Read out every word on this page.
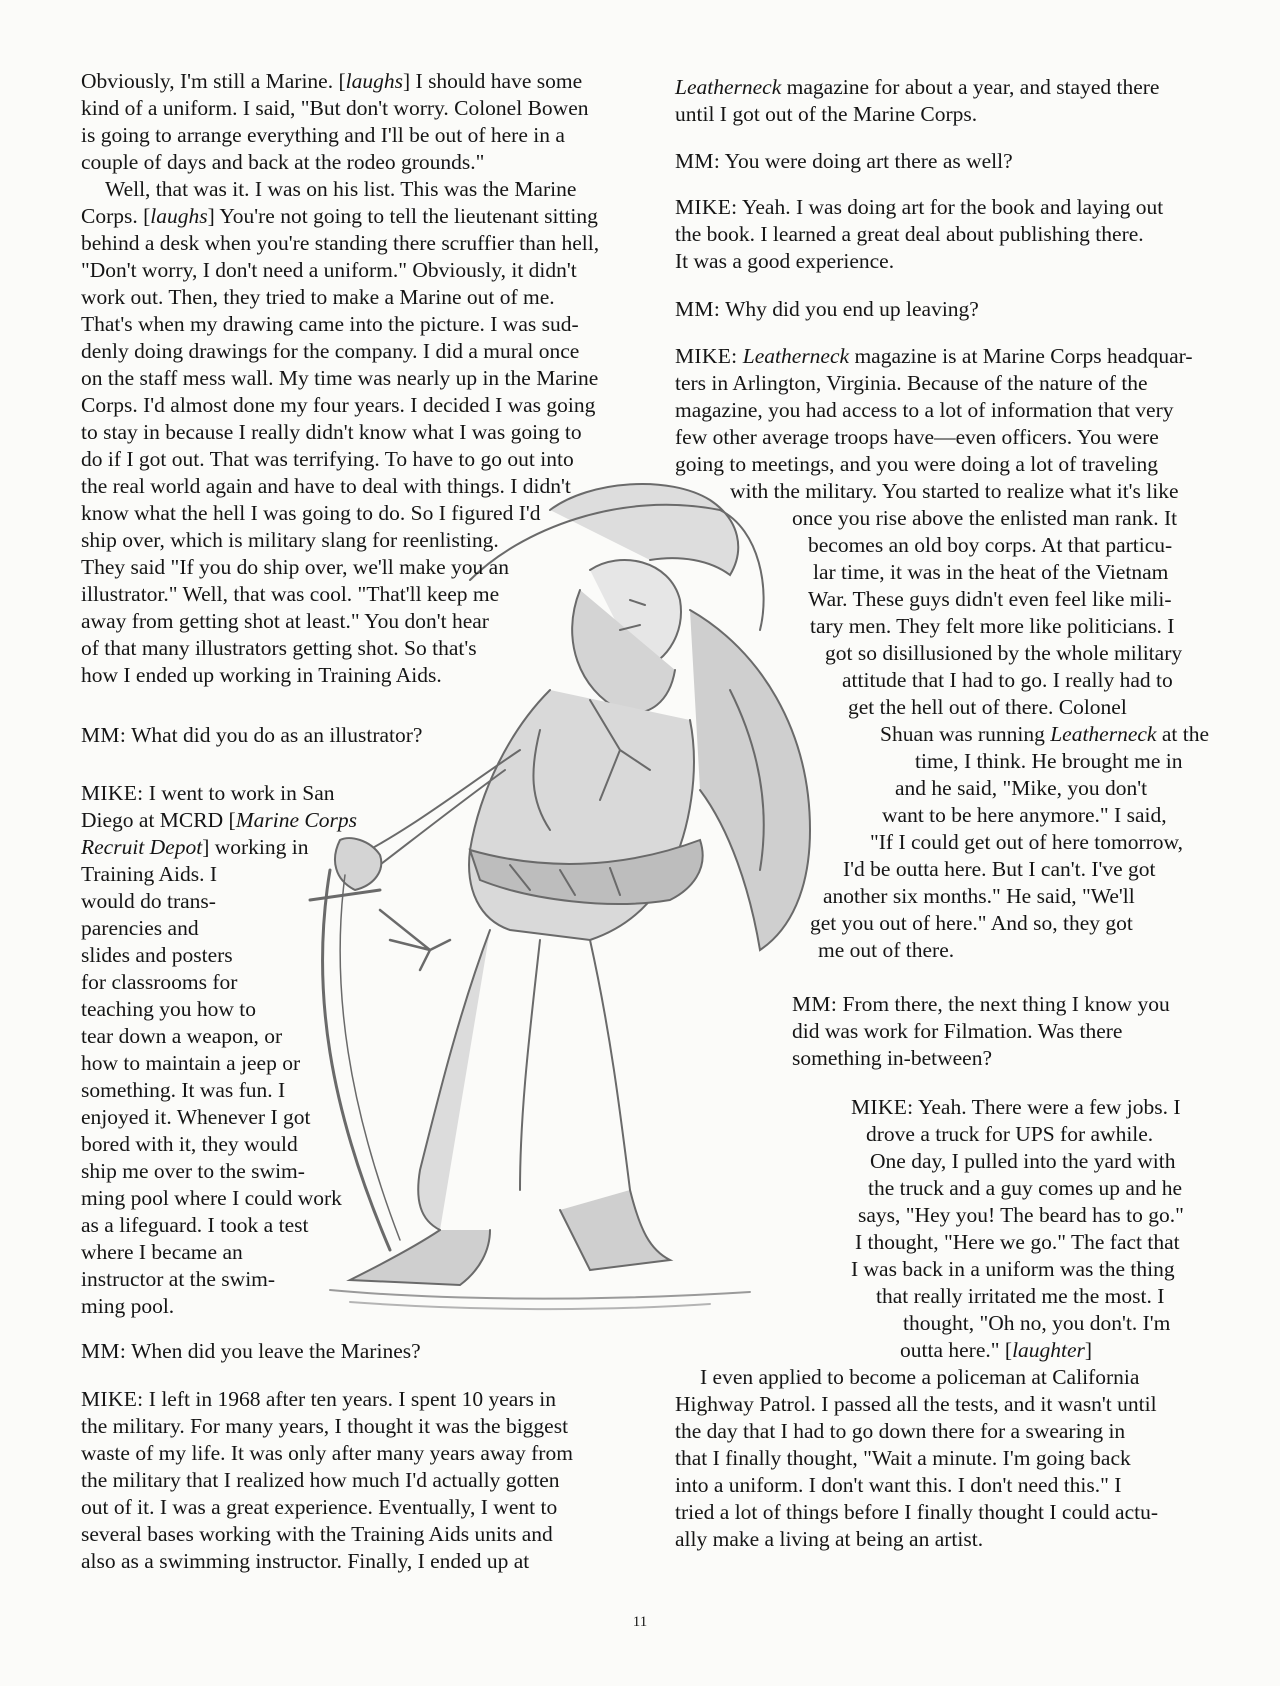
Obviously, I'm still a Marine. [laughs] I should have some
kind of a uniform. I said, "But don't worry. Colonel Bowen
is going to arrange everything and I'll be out of here in a
couple of days and back at the rodeo grounds."
Well, that was it. I was on his list. This was the Marine
Corps. [laughs] You're not going to tell the lieutenant sitting
behind a desk when you're standing there scruffier than hell,
"Don't worry, I don't need a uniform." Obviously, it didn't
work out. Then, they tried to make a Marine out of me.
That's when my drawing came into the picture. I was sud-
denly doing drawings for the company. I did a mural once
on the staff mess wall. My time was nearly up in the Marine
Corps. I'd almost done my four years. I decided I was going
to stay in because I really didn't know what I was going to
do if I got out. That was terrifying. To have to go out into
the real world again and have to deal with things. I didn't
know what the hell I was going to do. So I figured I'd
ship over, which is military slang for reenlisting.
They said "If you do ship over, we'll make you an
illustrator." Well, that was cool. "That'll keep me
away from getting shot at least." You don't hear
of that many illustrators getting shot. So that's
how I ended up working in Training Aids.
MM: What did you do as an illustrator?
MIKE: I went to work in San
Diego at MCRD [Marine Corps
Recruit Depot] working in
Training Aids. I
would do trans-
parencies and
slides and posters
for classrooms for
teaching you how to
tear down a weapon, or
how to maintain a jeep or
something. It was fun. I
enjoyed it. Whenever I got
bored with it, they would
ship me over to the swim-
ming pool where I could work
as a lifeguard. I took a test
where I became an
instructor at the swim-
ming pool.
MM: When did you leave the Marines?
MIKE: I left in 1968 after ten years. I spent 10 years in
the military. For many years, I thought it was the biggest
waste of my life. It was only after many years away from
the military that I realized how much I'd actually gotten
out of it. I was a great experience. Eventually, I went to
several bases working with the Training Aids units and
also as a swimming instructor. Finally, I ended up at
Leatherneck magazine for about a year, and stayed there
until I got out of the Marine Corps.
MM: You were doing art there as well?
MIKE: Yeah. I was doing art for the book and laying out
the book. I learned a great deal about publishing there.
It was a good experience.
MM: Why did you end up leaving?
MIKE: Leatherneck magazine is at Marine Corps headquar-
ters in Arlington, Virginia. Because of the nature of the
magazine, you had access to a lot of information that very
few other average troops have—even officers. You were
going to meetings, and you were doing a lot of traveling
with the military. You started to realize what it's like
once you rise above the enlisted man rank. It
becomes an old boy corps. At that particu-
lar time, it was in the heat of the Vietnam
War. These guys didn't even feel like mili-
tary men. They felt more like politicians. I
got so disillusioned by the whole military
attitude that I had to go. I really had to
get the hell out of there. Colonel
Shuan was running Leatherneck at the
time, I think. He brought me in
and he said, "Mike, you don't
want to be here anymore." I said,
"If I could get out of here tomorrow,
I'd be outta here. But I can't. I've got
another six months." He said, "We'll
get you out of here." And so, they got
me out of there.
MM: From there, the next thing I know you
did was work for Filmation. Was there
something in-between?
MIKE: Yeah. There were a few jobs. I
drove a truck for UPS for awhile.
One day, I pulled into the yard with
the truck and a guy comes up and he
says, "Hey you! The beard has to go."
I thought, "Here we go." The fact that
I was back in a uniform was the thing
that really irritated me the most. I
thought, "Oh no, you don't. I'm
outta here." [laughter]
I even applied to become a policeman at California
Highway Patrol. I passed all the tests, and it wasn't until
the day that I had to go down there for a swearing in
that I finally thought, "Wait a minute. I'm going back
into a uniform. I don't want this. I don't need this." I
tried a lot of things before I finally thought I could actu-
ally make a living at being an artist.
11
